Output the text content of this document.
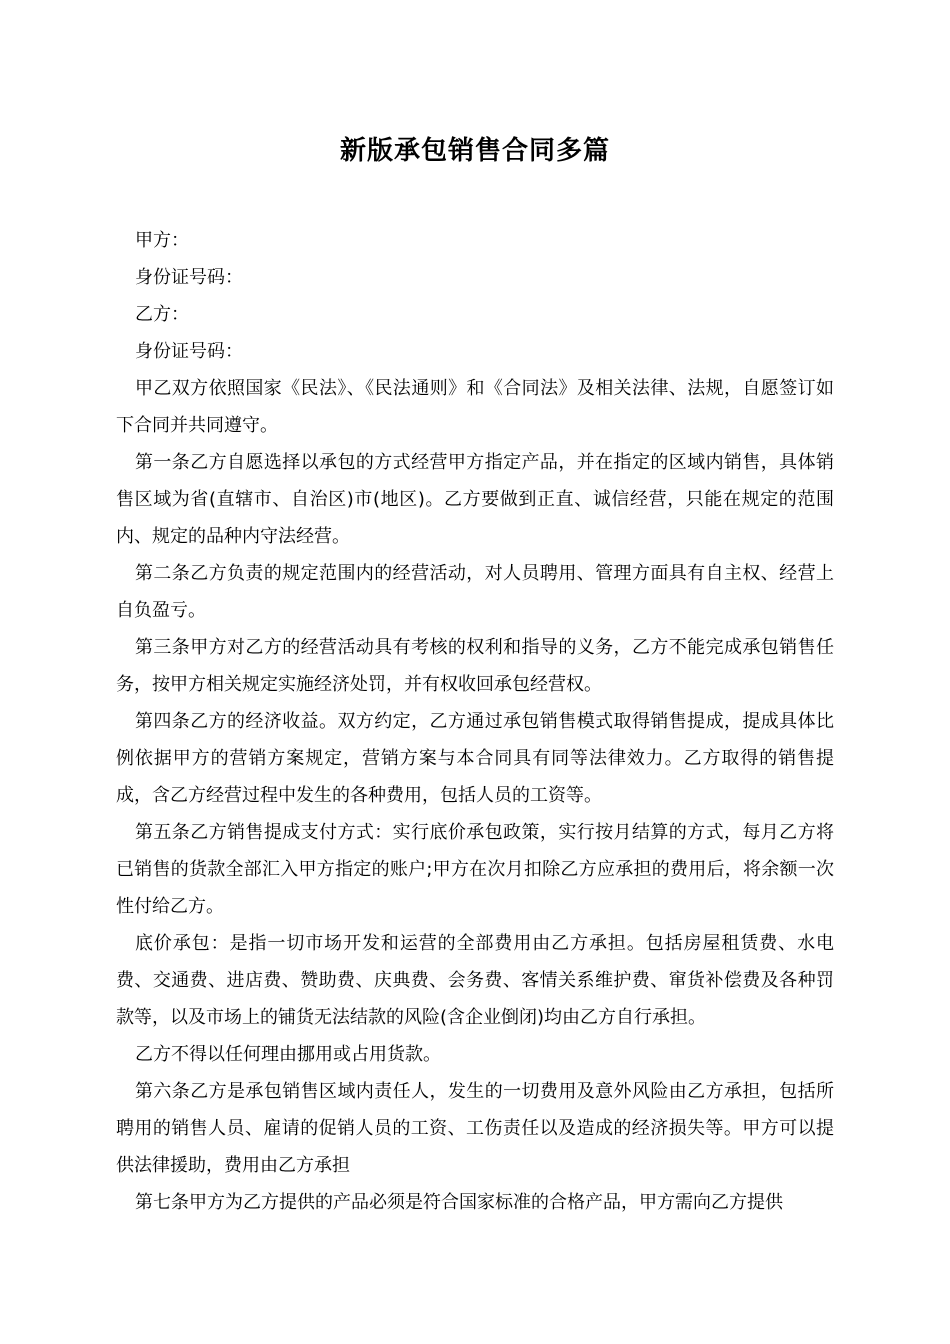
新版承包销售合同多篇

甲方：

身份证号码：

乙方：

身份证号码：

甲乙双方依照国家《民法》、《民法通则》和《合同法》及相关法律、法规，自愿签订如下合同并共同遵守。

第一条乙方自愿选择以承包的方式经营甲方指定产品，并在指定的区域内销售，具体销售区域为省(直辖市、自治区)市(地区)。乙方要做到正直、诚信经营，只能在规定的范围内、规定的品种内守法经营。

第二条乙方负责的规定范围内的经营活动，对人员聘用、管理方面具有自主权、经营上自负盈亏。

第三条甲方对乙方的经营活动具有考核的权利和指导的义务，乙方不能完成承包销售任务，按甲方相关规定实施经济处罚，并有权收回承包经营权。

第四条乙方的经济收益。双方约定，乙方通过承包销售模式取得销售提成，提成具体比例依据甲方的营销方案规定，营销方案与本合同具有同等法律效力。乙方取得的销售提成，含乙方经营过程中发生的各种费用，包括人员的工资等。

第五条乙方销售提成支付方式：实行底价承包政策，实行按月结算的方式，每月乙方将已销售的货款全部汇入甲方指定的账户;甲方在次月扣除乙方应承担的费用后，将余额一次性付给乙方。

底价承包：是指一切市场开发和运营的全部费用由乙方承担。包括房屋租赁费、水电费、交通费、进店费、赞助费、庆典费、会务费、客情关系维护费、窜货补偿费及各种罚款等，以及市场上的铺货无法结款的风险(含企业倒闭)均由乙方自行承担。

乙方不得以任何理由挪用或占用货款。

第六条乙方是承包销售区域内责任人，发生的一切费用及意外风险由乙方承担，包括所聘用的销售人员、雇请的促销人员的工资、工伤责任以及造成的经济损失等。甲方可以提供法律援助，费用由乙方承担

第七条甲方为乙方提供的产品必须是符合国家标准的合格产品，甲方需向乙方提供
